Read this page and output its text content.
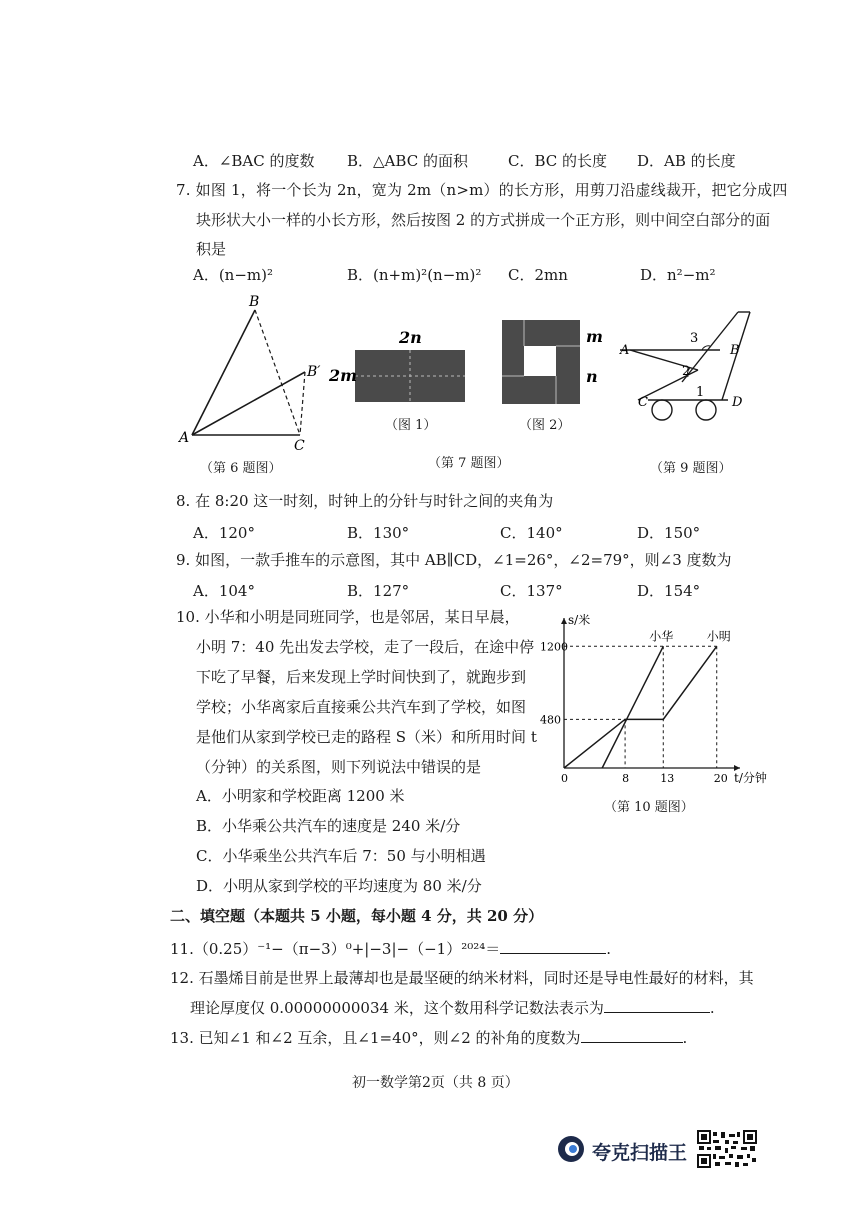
A．∠BAC 的度数 B．△ABC 的面积	C．BC 的长度 D．AB 的长度
7. 如图 1，将一个长为 2n，宽为 2m（n>m）的长方形，用剪刀沿虚线裁开，把它分成四
块形状大小一样的小长方形，然后按图 2 的方式拼成一个正方形，则中间空白部分的面
积是
A．(n−m)²	B．(n+m)²(n−m)² C．2mn	D．n²−m²
B
B′
A	C
（第 6 题图）
2n
2m
（图 1）
m
n
（图 2）
（第 7 题图）
A	B
C	D
1
2
3
（第 9 题图）
8. 在 8:20 这一时刻，时钟上的分针与时针之间的夹角为
A．120°	B．130°	C．140°	D．150°
9. 如图，一款手推车的示意图，其中 AB∥CD，∠1=26°，∠2=79°，则∠3 度数为
A．104°	B．127°	C．137°	D．154°
10. 小华和小明是同班同学，也是邻居，某日早晨，
小明 7：40 先出发去学校，走了一段后，在途中停
下吃了早餐，后来发现上学时间快到了，就跑步到
学校；小华离家后直接乘公共汽车到了学校，如图
是他们从家到学校已走的路程 S（米）和所用时间 t
（分钟）的关系图，则下列说法中错误的是
A．小明家和学校距离 1200 米
B．小华乘公共汽车的速度是 240 米/分
C．小华乘坐公共汽车后 7：50 与小明相遇
D．小明从家到学校的平均速度为 80 米/分
0	8	13	20
480
1200
s/米
t/分钟
小明
小华
（第 10 题图）
二、填空题（本题共 5 小题，每小题 4 分，共 20 分）
11.（0.25）⁻¹−（π−3）⁰+|−3|−（−1）²⁰²⁴＝	.
12. 石墨烯目前是世界上最薄却也是最坚硬的纳米材料，同时还是导电性最好的材料，其
理论厚度仅 0.00000000034 米，这个数用科学记数法表示为	.
13. 已知∠1 和∠2 互余，且∠1=40°，则∠2 的补角的度数为	.
初一数学第2页（共 8 页）
夸克扫描王
